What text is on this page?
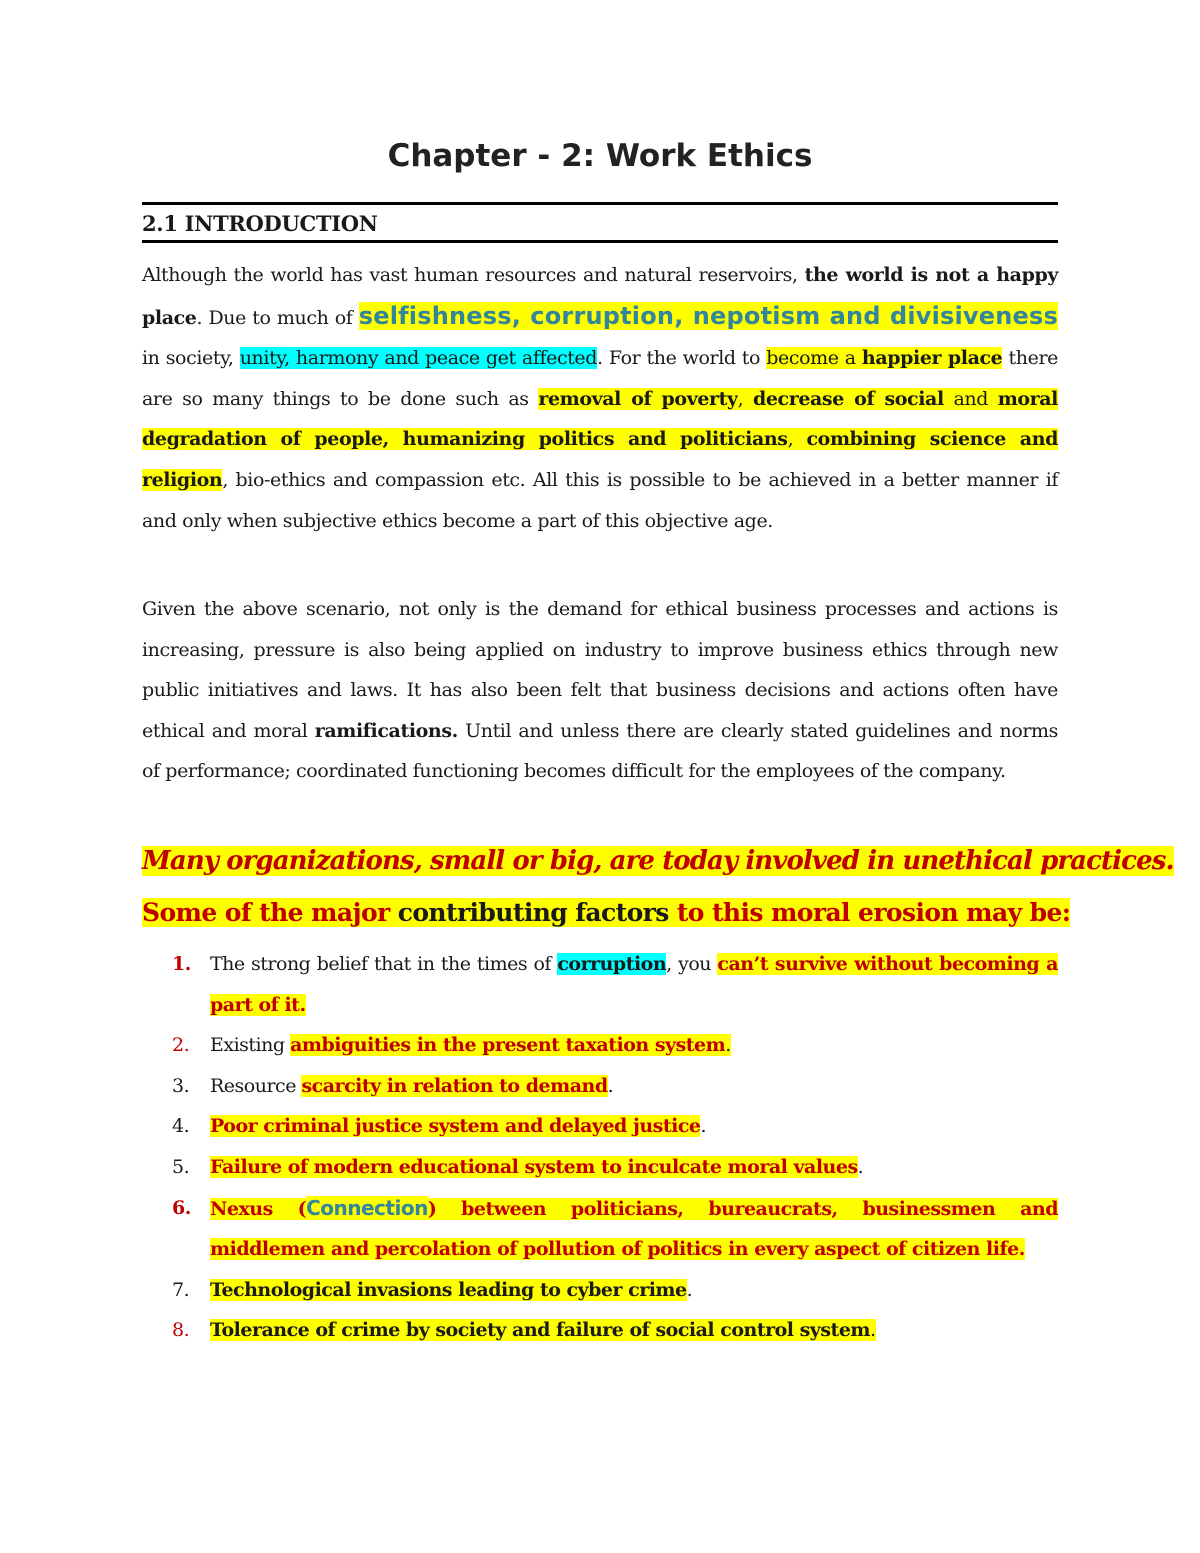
Chapter - 2: Work Ethics
2.1 INTRODUCTION

Although the world has vast human resources and natural reservoirs, the world is not a happy place. Due to much of selfishness, corruption, nepotism and divisiveness in society, unity, harmony and peace get affected. For the world to become a happier place there are so many things to be done such as removal of poverty, decrease of social and moral degradation of people, humanizing politics and politicians, combining science and religion, bio-ethics and compassion etc. All this is possible to be achieved in a better manner if and only when subjective ethics become a part of this objective age.

Given the above scenario, not only is the demand for ethical business processes and actions is increasing, pressure is also being applied on industry to improve business ethics through new public initiatives and laws. It has also been felt that business decisions and actions often have ethical and moral ramifications. Until and unless there are clearly stated guidelines and norms of performance; coordinated functioning becomes difficult for the employees of the company.

Many organizations, small or big, are today involved in unethical practices.
Some of the major contributing factors to this moral erosion may be:
1. The strong belief that in the times of corruption, you can’t survive without becoming a part of it.
2. Existing ambiguities in the present taxation system.
3. Resource scarcity in relation to demand.
4. Poor criminal justice system and delayed justice.
5. Failure of modern educational system to inculcate moral values.
6. Nexus (Connection) between politicians, bureaucrats, businessmen and middlemen and percolation of pollution of politics in every aspect of citizen life.
7. Technological invasions leading to cyber crime.
8. Tolerance of crime by society and failure of social control system.
